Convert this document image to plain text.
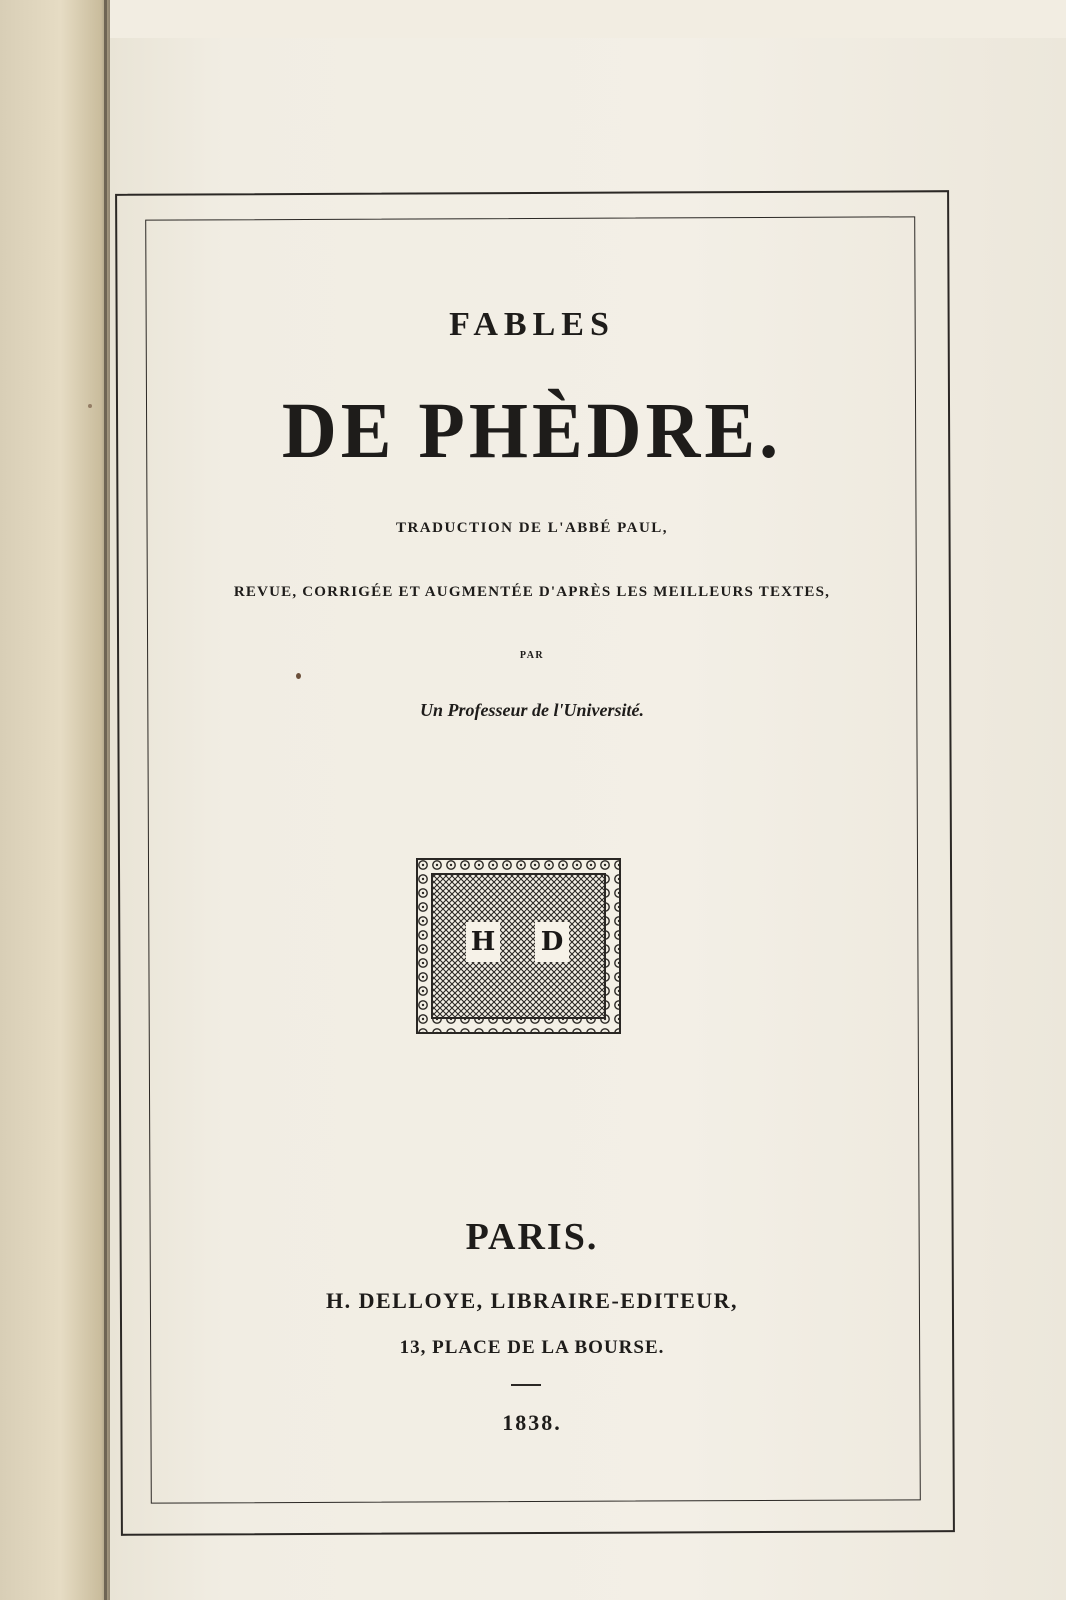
FABLES
DE PHÈDRE.
TRADUCTION DE L'ABBÉ PAUL,
REVUE, CORRIGÉE ET AUGMENTÉE D'APRÈS LES MEILLEURS TEXTES,
PAR
Un Professeur de l'Université.
H D
PARIS.
H. DELLOYE, LIBRAIRE-EDITEUR,
13, PLACE DE LA BOURSE.
1838.
